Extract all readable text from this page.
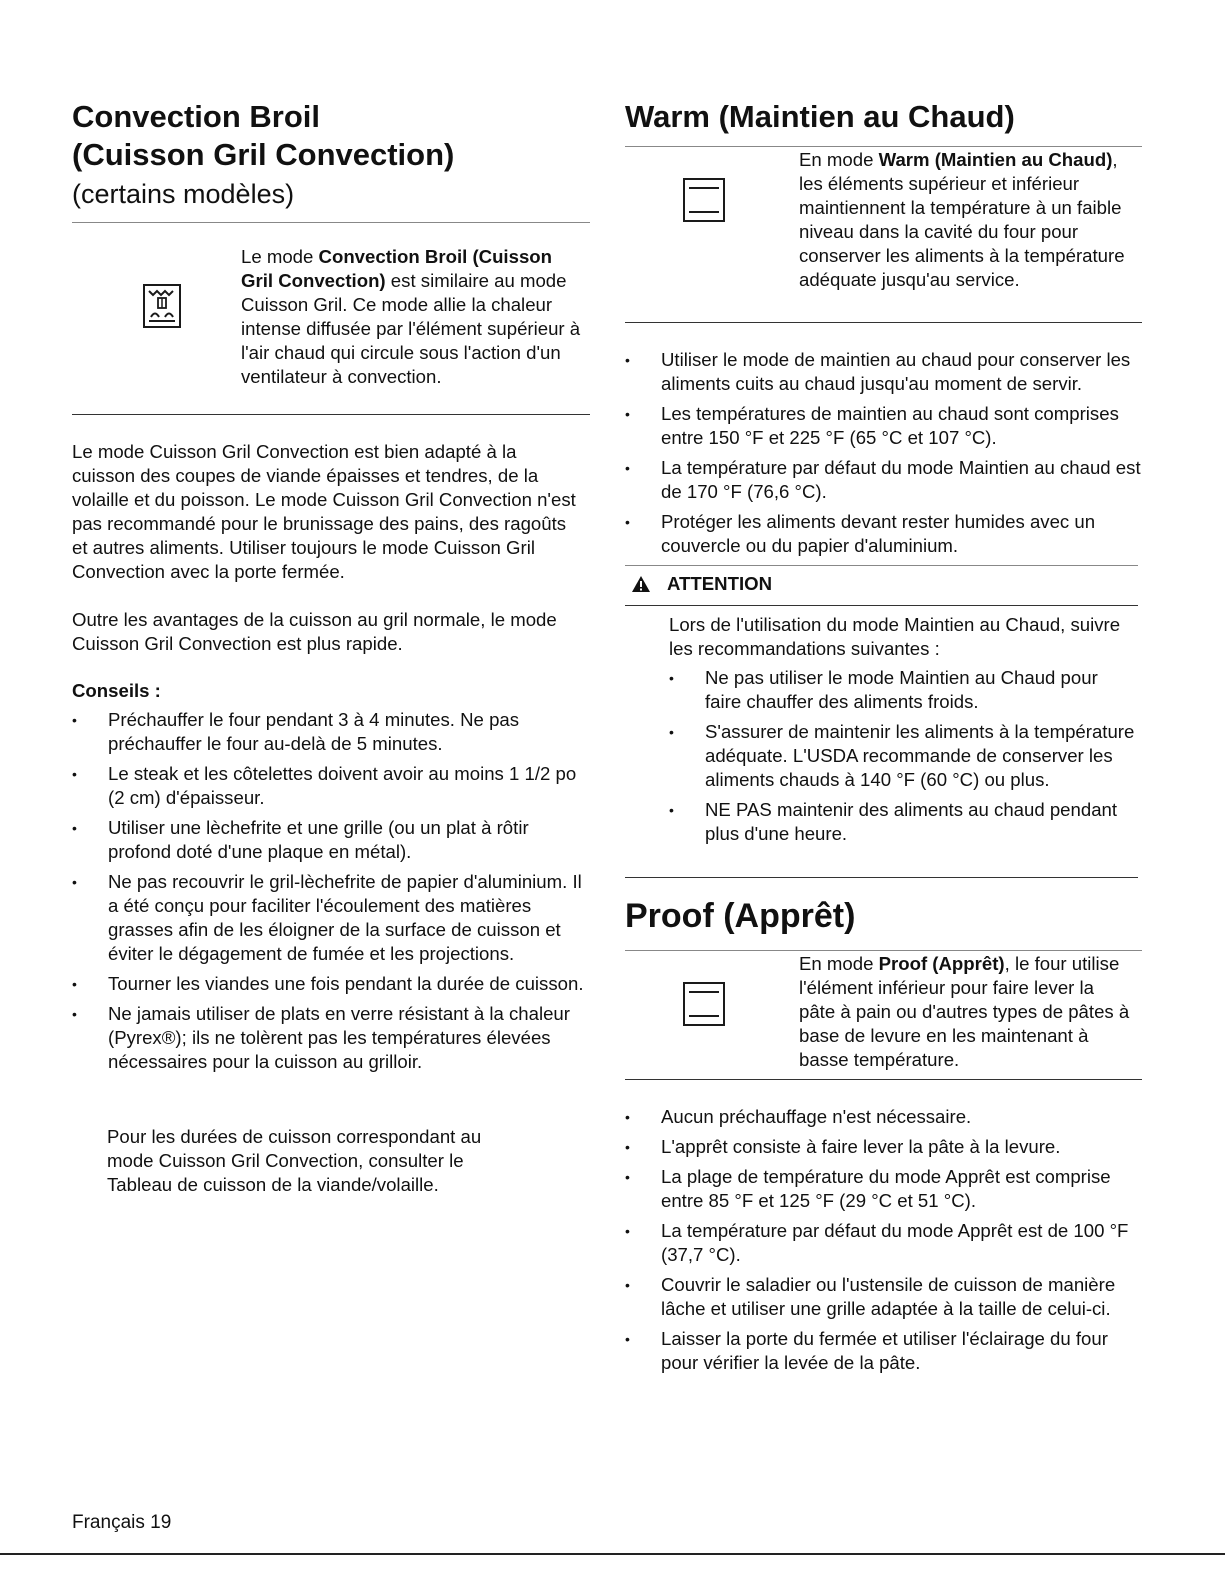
Convection Broil
(Cuisson Gril Convection)
(certains modèles)

Le mode Convection Broil (Cuisson Gril Convection) est similaire au mode Cuisson Gril. Ce mode allie la chaleur intense diffusée par l'élément supérieur à l'air chaud qui circule sous l'action d'un ventilateur à convection.

Le mode Cuisson Gril Convection est bien adapté à la cuisson des coupes de viande épaisses et tendres, de la volaille et du poisson. Le mode Cuisson Gril Convection n'est pas recommandé pour le brunissage des pains, des ragoûts et autres aliments. Utiliser toujours le mode Cuisson Gril Convection avec la porte fermée.

Outre les avantages de la cuisson au gril normale, le mode Cuisson Gril Convection est plus rapide.

Conseils :
• Préchauffer le four pendant 3 à 4 minutes. Ne pas préchauffer le four au-delà de 5 minutes.
• Le steak et les côtelettes doivent avoir au moins 1 1/2 po (2 cm) d'épaisseur.
• Utiliser une lèchefrite et une grille (ou un plat à rôtir profond doté d'une plaque en métal).
• Ne pas recouvrir le gril-lèchefrite de papier d'aluminium. Il a été conçu pour faciliter l'écoulement des matières grasses afin de les éloigner de la surface de cuisson et éviter le dégagement de fumée et les projections.
• Tourner les viandes une fois pendant la durée de cuisson.
• Ne jamais utiliser de plats en verre résistant à la chaleur (Pyrex®); ils ne tolèrent pas les températures élevées nécessaires pour la cuisson au grilloir.

Pour les durées de cuisson correspondant au mode Cuisson Gril Convection, consulter le Tableau de cuisson de la viande/volaille.

Warm (Maintien au Chaud)

En mode Warm (Maintien au Chaud), les éléments supérieur et inférieur maintiennent la température à un faible niveau dans la cavité du four pour conserver les aliments à la température adéquate jusqu'au service.

• Utiliser le mode de maintien au chaud pour conserver les aliments cuits au chaud jusqu'au moment de servir.
• Les températures de maintien au chaud sont comprises entre 150 °F et 225 °F (65 °C et 107 °C).
• La température par défaut du mode Maintien au chaud est de 170 °F (76,6 °C).
• Protéger les aliments devant rester humides avec un couvercle ou du papier d'aluminium.
ATTENTION

Lors de l'utilisation du mode Maintien au Chaud, suivre les recommandations suivantes :

• Ne pas utiliser le mode Maintien au Chaud pour faire chauffer des aliments froids.
• S'assurer de maintenir les aliments à la température adéquate. L'USDA recommande de conserver les aliments chauds à 140 °F (60 °C) ou plus.
• NE PAS maintenir des aliments au chaud pendant plus d'une heure.
Proof (Apprêt)

En mode Proof (Apprêt), le four utilise l'élément inférieur pour faire lever la pâte à pain ou d'autres types de pâtes à base de levure en les maintenant à basse température.

• Aucun préchauffage n'est nécessaire.
• L'apprêt consiste à faire lever la pâte à la levure.
• La plage de température du mode Apprêt est comprise entre 85 °F et 125 °F (29 °C et 51 °C).
• La température par défaut du mode Apprêt est de 100 °F (37,7 °C).
• Couvrir le saladier ou l'ustensile de cuisson de manière lâche et utiliser une grille adaptée à la taille de celui-ci.
• Laisser la porte du fermée et utiliser l'éclairage du four pour vérifier la levée de la pâte.
Français 19
